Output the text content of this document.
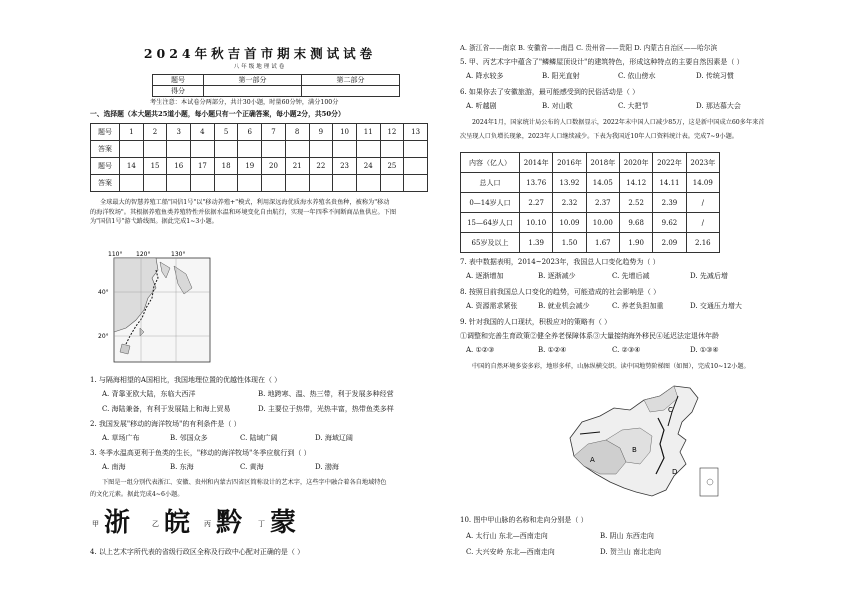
2024年秋吉首市期末测试试卷
八年级地理试卷
题号	第一部分	第二部分
得分		
考生注意：本试卷分两部分，共计30小题，时量60分钟，满分100分
一、选择题（本大题共25道小题，每小题只有一个正确答案，每小题2分，共50分）
题号	1	2	3	4	5	6	7	8	9	10	11	12	13
答案													
题号	14	15	16	17	18	19	20	21	22	23	24	25	
答案													
全球最大的智慧养殖工船"国信1号"以"移动养殖+"模式，利用深远海优质海水养殖名贵鱼种，被称为"移动
的海洋牧场"。其根据养殖鱼类养殖特性并依据水温和环境变化自由航行，实现一年四季不间断商品鱼供应。下图
为"国信1号"游弋路线图。据此完成1~3小题。
110° 120°	130°
40°
20°
1. 与隔海相望的A国相比，我国地理位置的优越性体现在（ ）
A. 背靠亚欧大陆，东临大西洋	B. 地跨寒、温、热三带，利于发展多种经营
C. 海陆兼备，有利于发展陆上和海上贸易	D. 主要位于热带，光热丰富，热带鱼类多样
2. 我国发展"移动的海洋牧场"的有利条件是（ ）
A. 草场广布	B. 邻国众多	C. 陆域广阔	D. 海域辽阔
3. 冬季水温高更利于鱼类的生长，"移动的海洋牧场"冬季应航行到（ ）
A. 南海	B. 东海	C. 黄海	D. 渤海
下图是一组分别代表浙江、安徽、贵州和内蒙古四省区简称设计的艺术字，这些字中融合着各自地域特色
的文化元素。据此完成4~6小题。
甲 浙	乙 皖 丙 黔 丁 蒙
4. 以上艺术字所代表的省级行政区全称及行政中心配对正确的是（ ）
A. 浙江省——南京 B. 安徽省——南昌 C. 贵州省——贵阳 D. 内蒙古自治区——哈尔滨
5. 甲、丙艺术字中蕴含了"鳞鳞屋顶设计"的建筑特色，形成这种特点的主要自然因素是（ ）
A. 降水较多	B. 阳光直射	C. 依山傍水	D. 传统习惯
6. 如果你去了安徽旅游，最可能感受到的民俗活动是（ ）
A. 听越剧	B. 对山歌	C. 大把节	D. 那达慕大会
2024年1月，国家统计局公布的人口数据显示，2022年末中国人口减少85万，这是新中国成立60多年来首
次呈现人口负增长现象，2023年人口继续减少。下表为我国近10年人口资料统计表。完成7~9小题。
内容（亿人）	2014年	2016年	2018年	2020年	2022年	2023年
总人口	13.76	13.92	14.05	14.12	14.11	14.09
0—14岁人口	2.27	2.32	2.37	2.52	2.39	/
15—64岁人口	10.10	10.09	10.00	9.68	9.62	/
65岁及以上	1.39	1.50	1.67	1.90	2.09	2.16
7. 表中数据表明，2014~2023年，我国总人口变化趋势为（ ）
A. 逐渐增加	B. 逐渐减少	C. 先增后减	D. 先减后增
8. 按照目前我国总人口变化的趋势，可能造成的社会影响是（ ）
A. 资源需求紧张	B. 就业机会减少	C. 养老负担加重	D. 交通压力增大
9. 针对我国的人口现状，积极应对的策略有（ ）
①调整和完善生育政策②健全养老保障体系③大量接纳海外移民④延迟法定退休年龄
A. ①②③	B. ①②④	C. ②③④	D. ①③④
中国的自然环境多姿多彩，地形多样，山脉纵横交织。读中国地势阶梯图（如图），完成10~12小题。
A
B
C
D
10. 图中甲山脉的名称和走向分别是（ ）
A. 太行山 东北—西南走向	B. 阴山 东西走向
C. 大兴安岭 东北—西南走向	D. 贺兰山 南北走向
